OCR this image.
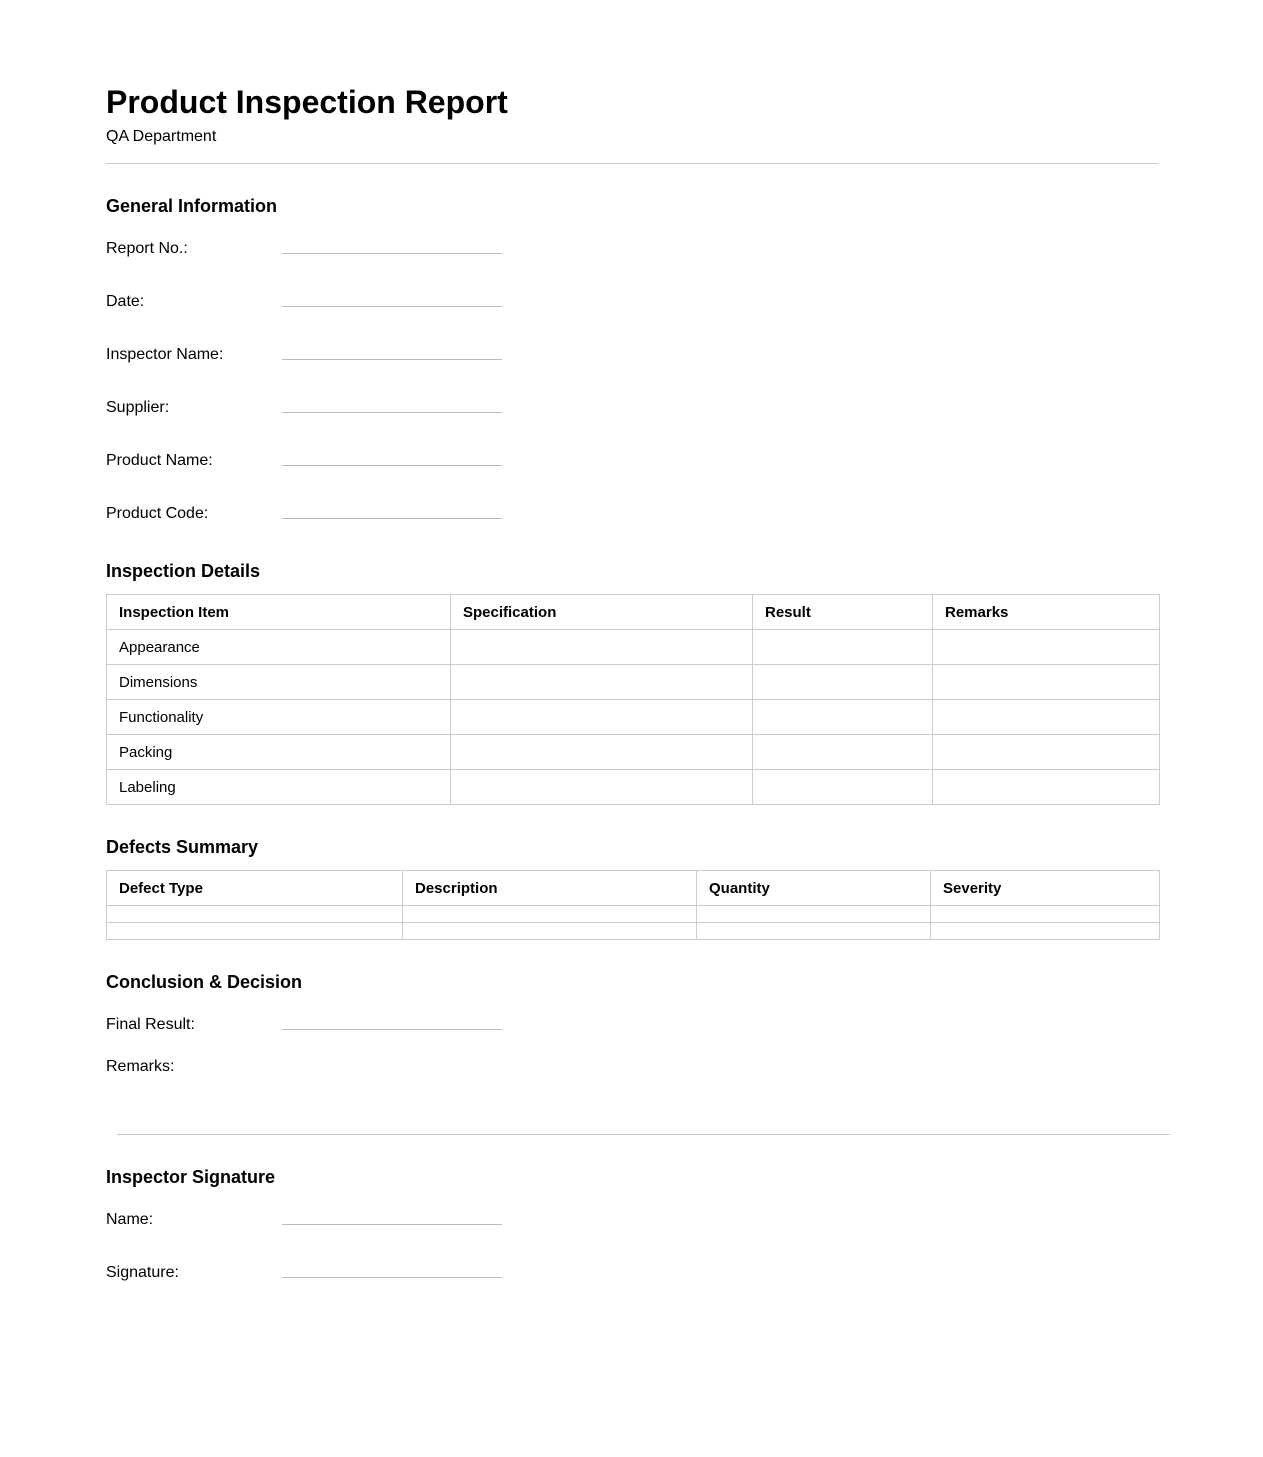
Product Inspection Report
QA Department
General Information
Report No.:
Date:
Inspector Name:
Supplier:
Product Name:
Product Code:
Inspection Details
Inspection Item	Specification	Result	Remarks
Appearance			
Dimensions			
Functionality			
Packing			
Labeling			
Defects Summary
Defect Type	Description	Quantity	Severity

Conclusion & Decision
Final Result:
Remarks:
Inspector Signature
Name:
Signature:
